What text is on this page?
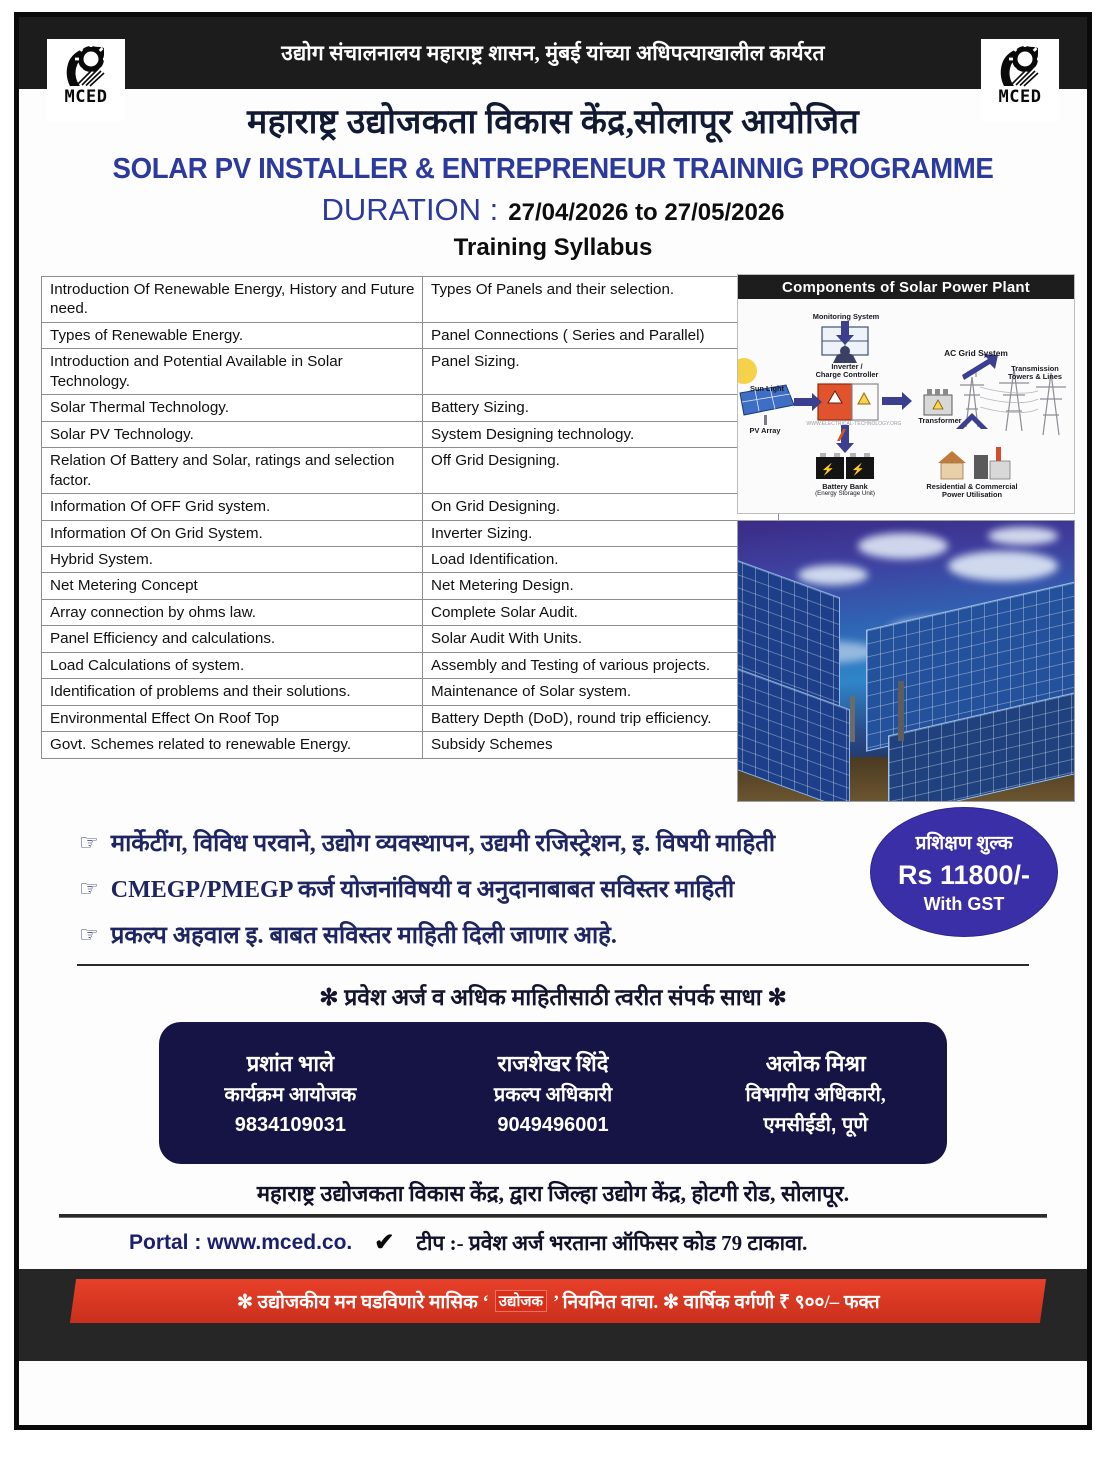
उद्योग संचालनालय महाराष्ट्र शासन, मुंबई यांच्या अधिपत्याखालील कार्यरत
MCED	MCED
महाराष्ट्र उद्योजकता विकास केंद्र,सोलापूर आयोजित
SOLAR PV INSTALLER & ENTREPRENEUR TRAINNIG PROGRAMME
DURATION : 27/04/2026 to 27/05/2026
Training Syllabus
Introduction Of Renewable Energy, History and Future need.	Types Of Panels and their selection.
Types of Renewable Energy.	Panel Connections ( Series and Parallel)
Introduction and Potential Available in Solar Technology.	Panel Sizing.
Solar Thermal Technology.	Battery Sizing.
Solar PV Technology.	System Designing technology.
Relation Of Battery and Solar, ratings and selection factor.	Off Grid Designing.
Information Of OFF Grid system.	On Grid Designing.
Information Of On Grid System.	Inverter Sizing.
Hybrid System.	Load Identification.
Net Metering Concept	Net Metering Design.
Array connection by ohms law.	Complete Solar Audit.
Panel Efficiency and calculations.	Solar Audit With Units.
Load Calculations of system.	Assembly and Testing of various projects.
Identification of problems and their solutions.	Maintenance of Solar system.
Environmental Effect On Roof Top	Battery Depth (DoD), round trip efficiency.
Govt. Schemes related to renewable Energy.	Subsidy Schemes
Components of Solar Power Plant
⚡ ⚡
Sun Light
PV Array
Monitoring System
Inverter /
Charge Controller
WWW.ELECTRICAL-TECHNOLOGY.ORG
Battery Bank
(Energy Storage Unit)
AC Grid System
Transformer
Transmission
Towers & Lines
Residential & Commercial
Power Utilisation
☞ मार्केटींग, विविध परवाने, उद्योग व्यवस्थापन, उद्यमी रजिस्ट्रेशन, इ. विषयी माहिती
☞ CMEGP/PMEGP कर्ज योजनांविषयी व अनुदानाबाबत सविस्तर माहिती
☞ प्रकल्प अहवाल इ. बाबत सविस्तर माहिती दिली जाणार आहे.
प्रशिक्षण शुल्क
Rs 11800/-
With GST
✻ प्रवेश अर्ज व अधिक माहितीसाठी त्वरीत संपर्क साधा ✻
प्रशांत भाले
कार्यक्रम आयोजक
9834109031
राजशेखर शिंदे
प्रकल्प अधिकारी
9049496001
अलोक मिश्रा
विभागीय अधिकारी,
एमसीईडी, पूणे
महाराष्ट्र उद्योजकता विकास केंद्र, द्वारा जिल्हा उद्योग केंद्र, होटगी रोड, सोलापूर.
Portal : www.mced.co. ✔ टीप :- प्रवेश अर्ज भरताना ऑफिसर कोड 79 टाकावा.
✻ उद्योजकीय मन घडविणारे मासिक ‘ उद्योजक ’ नियमित वाचा. ✻ वार्षिक वर्गणी ₹ ९००/– फक्त
